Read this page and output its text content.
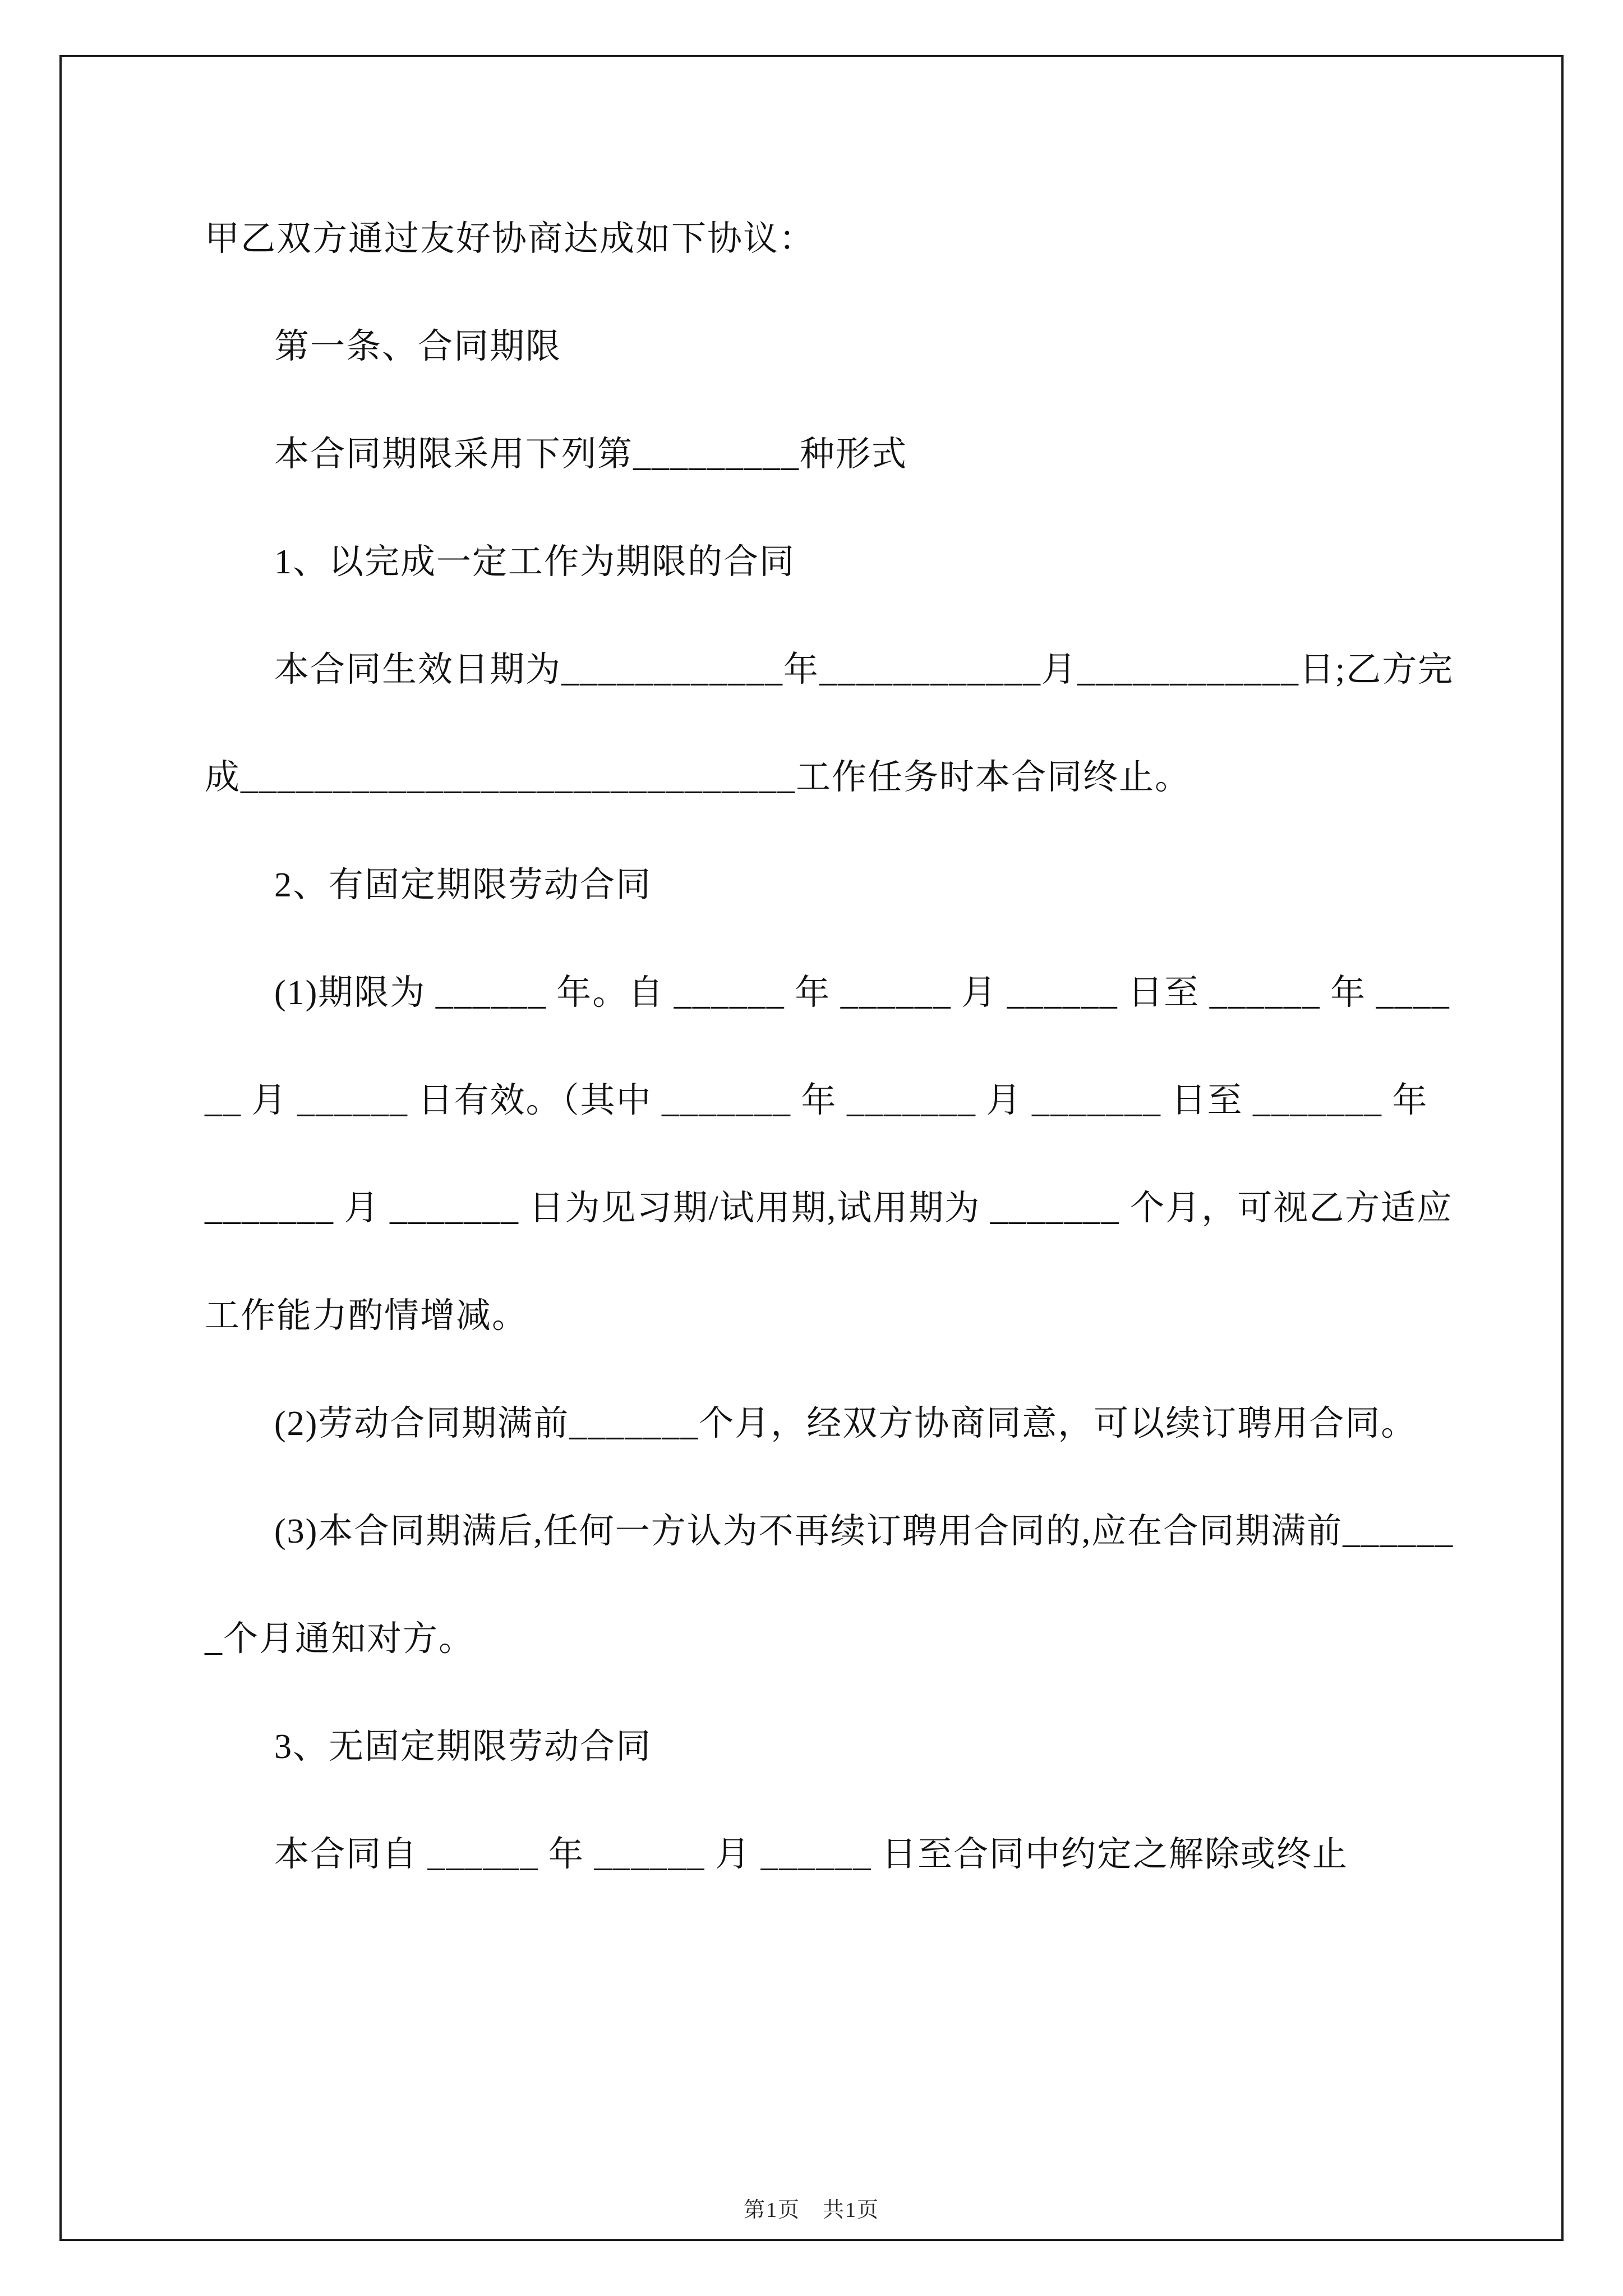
甲乙双方通过友好协商达成如下协议：

第一条、合同期限

本合同期限采用下列第_________种形式

1、以完成一定工作为期限的合同

本合同生效日期为____________年____________月____________日;乙方完成______________________________工作任务时本合同终止。

2、有固定期限劳动合同

(1)期限为 ______ 年。自 ______ 年 ______ 月 ______ 日至 ______ 年 ______ 月 ______ 日有效。（其中 _______ 年 _______ 月 _______ 日至 _______ 年 _______ 月 _______ 日为见习期/试用期,试用期为 _______ 个月，可视乙方适应工作能力酌情增减。

(2)劳动合同期满前_______个月，经双方协商同意，可以续订聘用合同。

(3)本合同期满后,任何一方认为不再续订聘用合同的,应在合同期满前_______个月通知对方。

3、无固定期限劳动合同

本合同自 ______ 年 ______ 月 ______ 日至合同中约定之解除或终止

第1页　共1页
